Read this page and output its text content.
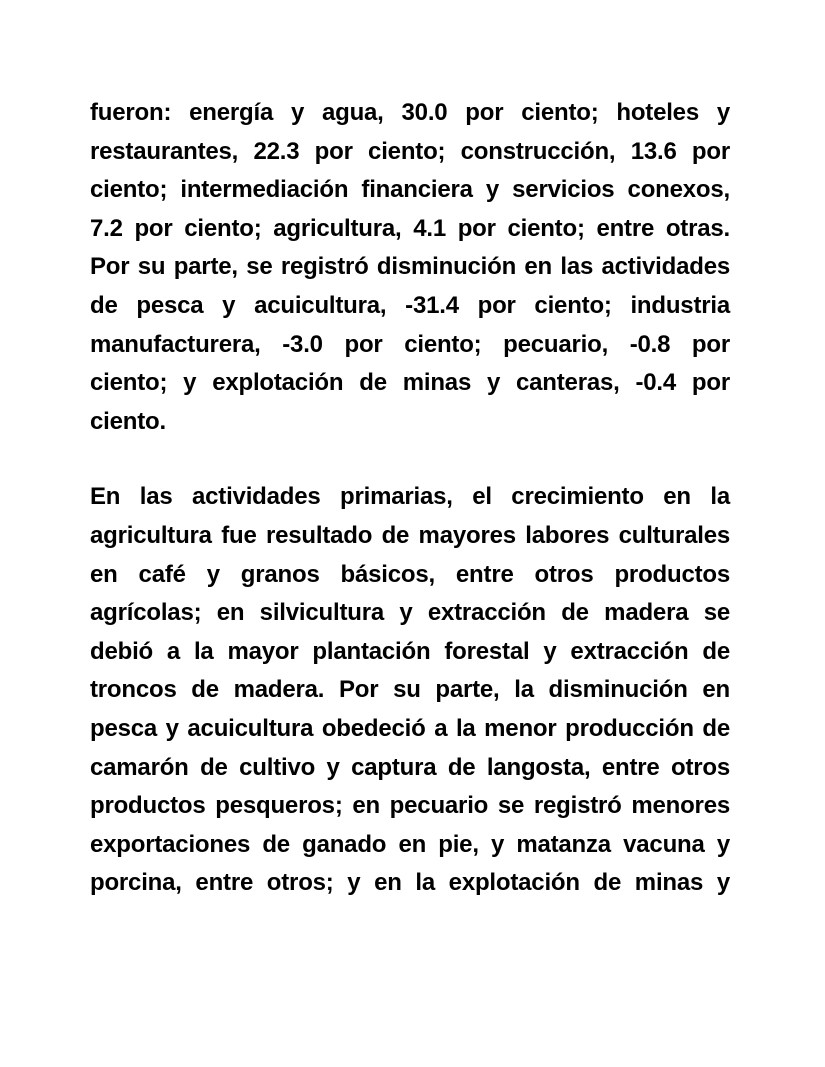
fueron: energía y agua, 30.0 por ciento; hoteles y
restaurantes, 22.3 por ciento; construcción, 13.6 por
ciento; intermediación financiera y servicios conexos,
7.2 por ciento; agricultura, 4.1 por ciento; entre otras.
Por su parte, se registró disminución en las actividades
de pesca y acuicultura, -31.4 por ciento; industria
manufacturera, -3.0 por ciento; pecuario, -0.8 por
ciento; y explotación de minas y canteras, -0.4 por
ciento.
En las actividades primarias, el crecimiento en la
agricultura fue resultado de mayores labores culturales
en café y granos básicos, entre otros productos
agrícolas; en silvicultura y extracción de madera se
debió a la mayor plantación forestal y extracción de
troncos de madera. Por su parte, la disminución en
pesca y acuicultura obedeció a la menor producción de
camarón de cultivo y captura de langosta, entre otros
productos pesqueros; en pecuario se registró menores
exportaciones de ganado en pie, y matanza vacuna y
porcina, entre otros; y en la explotación de minas y
